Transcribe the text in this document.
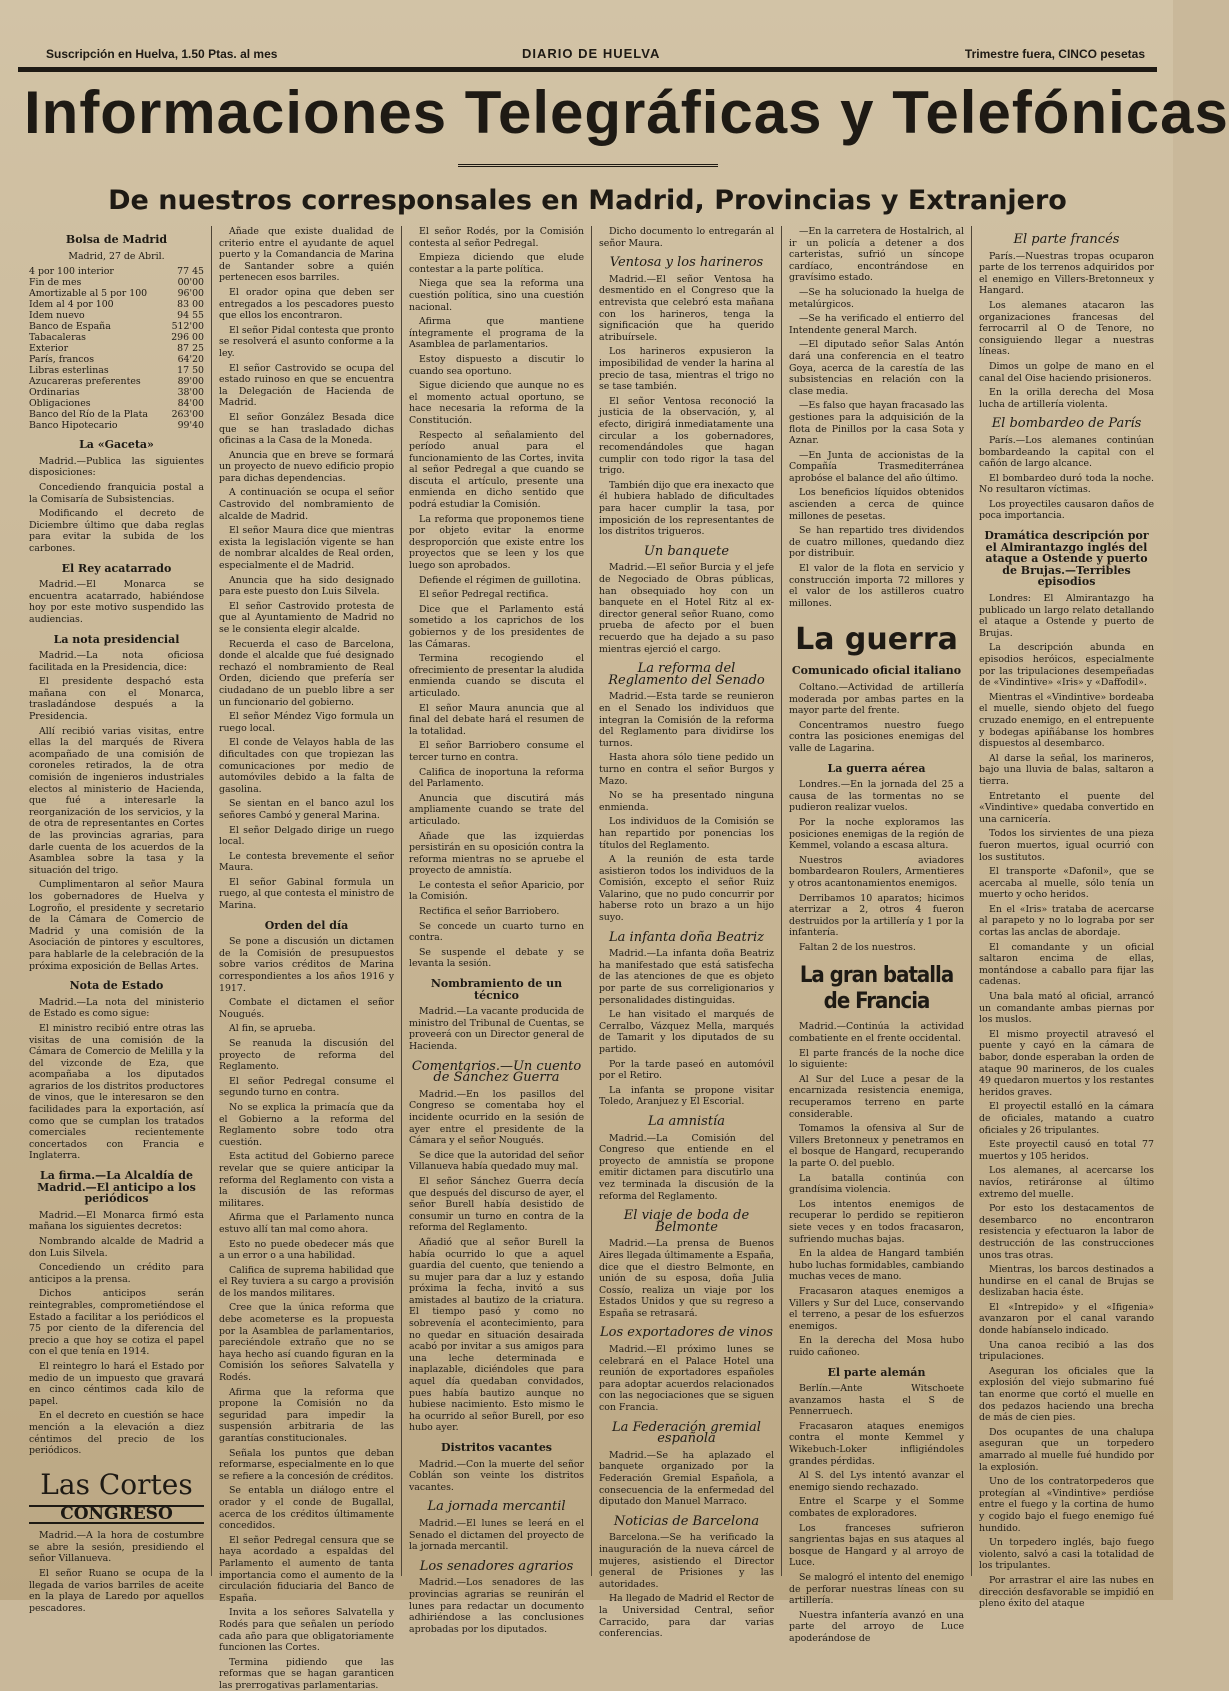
Suscripción en Huelva, 1.50 Ptas. al mes	DIARIO DE HUELVA	Trimestre fuera, CINCO pesetas
Informaciones Telegráficas y Telefónicas
De nuestros corresponsales en Madrid, Provincias y Extranjero
Bolsa de Madrid
Madrid, 27 de Abril.
4 por 100 interior	77 45
Fin de mes	00'00
Amortizable al 5 por 100	96'00
Idem al 4 por 100	83 00
Idem nuevo	94 55
Banco de España	512'00
Tabacaleras	296 00
Exterior	87 25
París, francos	64'20
Libras esterlinas	17 50
Azucareras preferentes	89'00
Ordinarias	38'00
Obligaciones	84'00
Banco del Río de la Plata	263'00
Banco Hipotecario	99'40
La «Gaceta»

Madrid.—Publica las siguientes disposiciones:

Concediendo franquicia postal a la Comisaría de Subsistencias.

Modificando el decreto de Diciembre último que daba reglas para evitar la subida de los carbones.

El Rey acatarrado

Madrid.—El Monarca se encuentra acatarrado, habiéndose hoy por este motivo suspendido las audiencias.

La nota presidencial

Madrid.—La nota oficiosa facilitada en la Presidencia, dice:

El presidente despachó esta mañana con el Monarca, trasladándose después a la Presidencia.

Allí recibió varias visitas, entre ellas la del marqués de Rivera acompañado de una comisión de coroneles retirados, la de otra comisión de ingenieros industriales electos al ministerio de Hacienda, que fué a interesarle la reorganización de los servicios, y la de otra de representantes en Cortes de las provincias agrarias, para darle cuenta de los acuerdos de la Asamblea sobre la tasa y la situación del trigo.

Cumplimentaron al señor Maura los gobernadores de Huelva y Logroño, el presidente y secretario de la Cámara de Comercio de Madrid y una comisión de la Asociación de pintores y escultores, para hablarle de la celebración de la próxima exposición de Bellas Artes.

Nota de Estado

Madrid.—La nota del ministerio de Estado es como sigue:

El ministro recibió entre otras las visitas de una comisión de la Cámara de Comercio de Melilla y la del vizconde de Eza, que acompañaba a los diputados agrarios de los distritos productores de vinos, que le interesaron se den facilidades para la exportación, así como que se cumplan los tratados comerciales recientemente concertados con Francia e Inglaterra.

La firma.—La Alcaldía de Madrid.—El anticipo a los periódicos

Madrid.—El Monarca firmó esta mañana los siguientes decretos:

Nombrando alcalde de Madrid a don Luis Silvela.

Concediendo un crédito para anticipos a la prensa.

Dichos anticipos serán reintegrables, comprometiéndose el Estado a facilitar a los periódicos el 75 por ciento de la diferencia del precio a que hoy se cotiza el papel con el que tenía en 1914.

El reintegro lo hará el Estado por medio de un impuesto que gravará en cinco céntimos cada kilo de papel.

En el decreto en cuestión se hace mención a la elevación a diez céntimos del precio de los periódicos.

Las Cortes
CONGRESO

Madrid.—A la hora de costumbre se abre la sesión, presidiendo el señor Villanueva.

El señor Ruano se ocupa de la llegada de varios barriles de aceite en la playa de Laredo por aquellos pescadores.

Añade que existe dualidad de criterio entre el ayudante de aquel puerto y la Comandancia de Marina de Santander sobre a quién pertenecen esos barriles.

El orador opina que deben ser entregados a los pescadores puesto que ellos los encontraron.

El señor Pidal contesta que pronto se resolverá el asunto conforme a la ley.

El señor Castrovido se ocupa del estado ruinoso en que se encuentra la Delegación de Hacienda de Madrid.

El señor González Besada dice que se han trasladado dichas oficinas a la Casa de la Moneda.

Anuncia que en breve se formará un proyecto de nuevo edificio propio para dichas dependencias.

A continuación se ocupa el señor Castrovido del nombramiento de alcalde de Madrid.

El señor Maura dice que mientras exista la legislación vigente se han de nombrar alcaldes de Real orden, especialmente el de Madrid.

Anuncia que ha sido designado para este puesto don Luis Silvela.

El señor Castrovido protesta de que al Ayuntamiento de Madrid no se le consienta elegir alcalde.

Recuerda el caso de Barcelona, donde el alcalde que fué designado rechazó el nombramiento de Real Orden, diciendo que prefería ser ciudadano de un pueblo libre a ser un funcionario del gobierno.

El señor Méndez Vigo formula un ruego local.

El conde de Velayos habla de las dificultades con que tropiezan las comunicaciones por medio de automóviles debido a la falta de gasolina.

Se sientan en el banco azul los señores Cambó y general Marina.

El señor Delgado dirige un ruego local.

Le contesta brevemente el señor Maura.

El señor Gabinal formula un ruego, al que contesta el ministro de Marina.

Orden del día

Se pone a discusión un dictamen de la Comisión de presupuestos sobre varios créditos de Marina correspondientes a los años 1916 y 1917.

Combate el dictamen el señor Nougués.

Al fin, se aprueba.

Se reanuda la discusión del proyecto de reforma del Reglamento.

El señor Pedregal consume el segundo turno en contra.

No se explica la primacía que da el Gobierno a la reforma del Reglamento sobre todo otra cuestión.

Esta actitud del Gobierno parece revelar que se quiere anticipar la reforma del Reglamento con vista a la discusión de las reformas militares.

Afirma que el Parlamento nunca estuvo allí tan mal como ahora.

Esto no puede obedecer más que a un error o a una habilidad.

Califica de suprema habilidad que el Rey tuviera a su cargo a provisión de los mandos militares.

Cree que la única reforma que debe acometerse es la propuesta por la Asamblea de parlamentarios, pareciéndole extraño que no se haya hecho así cuando figuran en la Comisión los señores Salvatella y Rodés.

Afirma que la reforma que propone la Comisión no da seguridad para impedir la suspensión arbitraria de las garantías constitucionales.

Señala los puntos que deban reformarse, especialmente en lo que se refiere a la concesión de créditos.

Se entabla un diálogo entre el orador y el conde de Bugallal, acerca de los créditos últimamente concedidos.

El señor Pedregal censura que se haya acordado a espaldas del Parlamento el aumento de tanta importancia como el aumento de la circulación fiduciaria del Banco de España.

Invita a los señores Salvatella y Rodés para que señalen un período cada año para que obligatoriamente funcionen las Cortes.

Termina pidiendo que las reformas que se hagan garanticen las prerrogativas parlamentarias.

El señor Rodés, por la Comisión contesta al señor Pedregal.

Empieza diciendo que elude contestar a la parte política.

Niega que sea la reforma una cuestión política, sino una cuestión nacional.

Afirma que mantiene íntegramente el programa de la Asamblea de parlamentarios.

Estoy dispuesto a discutir lo cuando sea oportuno.

Sigue diciendo que aunque no es el momento actual oportuno, se hace necesaria la reforma de la Constitución.

Respecto al señalamiento del período anual para el funcionamiento de las Cortes, invita al señor Pedregal a que cuando se discuta el artículo, presente una enmienda en dicho sentido que podrá estudiar la Comisión.

La reforma que proponemos tiene por objeto evitar la enorme desproporción que existe entre los proyectos que se leen y los que luego son aprobados.

Defiende el régimen de guillotina.

El señor Pedregal rectifica.

Dice que el Parlamento está sometido a los caprichos de los gobiernos y de los presidentes de las Cámaras.

Termina recogiendo el ofrecimiento de presentar la aludida enmienda cuando se discuta el articulado.

El señor Maura anuncia que al final del debate hará el resumen de la totalidad.

El señor Barriobero consume el tercer turno en contra.

Califica de inoportuna la reforma del Parlamento.

Anuncia que discutirá más ampliamente cuando se trate del articulado.

Añade que las izquierdas persistirán en su oposición contra la reforma mientras no se apruebe el proyecto de amnistía.

Le contesta el señor Aparicio, por la Comisión.

Rectifica el señor Barriobero.

Se concede un cuarto turno en contra.

Se suspende el debate y se levanta la sesión.

Nombramiento de un técnico

Madrid.—La vacante producida de ministro del Tribunal de Cuentas, se proveerá con un Director general de Hacienda.

Comentarios.—Un cuento de Sánchez Guerra

Madrid.—En los pasillos del Congreso se comentaba hoy el incidente ocurrido en la sesión de ayer entre el presidente de la Cámara y el señor Nougués.

Se dice que la autoridad del señor Villanueva había quedado muy mal.

El señor Sánchez Guerra decía que después del discurso de ayer, el señor Burell había desistido de consumir un turno en contra de la reforma del Reglamento.

Añadió que al señor Burell la había ocurrido lo que a aquel guardia del cuento, que teniendo a su mujer para dar a luz y estando próxima la fecha, invitó a sus amistades al bautizo de la criatura. El tiempo pasó y como no sobrevenía el acontecimiento, para no quedar en situación desairada acabó por invitar a sus amigos para una leche determinada e inaplazable, diciéndoles que para aquel día quedaban convidados, pues había bautizo aunque no hubiese nacimiento. Esto mismo le ha ocurrido al señor Burell, por eso hubo ayer.

Distritos vacantes

Madrid.—Con la muerte del señor Coblán son veinte los distritos vacantes.

La jornada mercantil

Madrid.—El lunes se leerá en el Senado el dictamen del proyecto de la jornada mercantil.

Los senadores agrarios

Madrid.—Los senadores de las provincias agrarias se reunirán el lunes para redactar un documento adhiriéndose a las conclusiones aprobadas por los diputados.

Dicho documento lo entregarán al señor Maura.

Ventosa y los harineros

Madrid.—El señor Ventosa ha desmentido en el Congreso que la entrevista que celebró esta mañana con los harineros, tenga la significación que ha querido atribuírsele.

Los harineros expusieron la imposibilidad de vender la harina al precio de tasa, mientras el trigo no se tase también.

El señor Ventosa reconoció la justicia de la observación, y, al efecto, dirigirá inmediatamente una circular a los gobernadores, recomendándoles que hagan cumplir con todo rigor la tasa del trigo.

También dijo que era inexacto que él hubiera hablado de dificultades para hacer cumplir la tasa, por imposición de los representantes de los distritos trigueros.

Un banquete

Madrid.—El señor Burcia y el jefe de Negociado de Obras públicas, han obsequiado hoy con un banquete en el Hotel Ritz al ex-director general señor Ruano, como prueba de afecto por el buen recuerdo que ha dejado a su paso mientras ejerció el cargo.

La reforma del Reglamento del Senado

Madrid.—Esta tarde se reunieron en el Senado los individuos que integran la Comisión de la reforma del Reglamento para dividirse los turnos.

Hasta ahora sólo tiene pedido un turno en contra el señor Burgos y Mazo.

No se ha presentado ninguna enmienda.

Los individuos de la Comisión se han repartido por ponencias los títulos del Reglamento.

A la reunión de esta tarde asistieron todos los individuos de la Comisión, excepto el señor Ruiz Valarino, que no pudo concurrir por haberse roto un brazo a un hijo suyo.

La infanta doña Beatriz

Madrid.—La infanta doña Beatriz ha manifestado que está satisfecha de las atenciones de que es objeto por parte de sus correligionarios y personalidades distinguidas.

Le han visitado el marqués de Cerralbo, Vázquez Mella, marqués de Tamarit y los diputados de su partido.

Por la tarde paseó en automóvil por el Retiro.

La infanta se propone visitar Toledo, Aranjuez y El Escorial.

La amnistía

Madrid.—La Comisión del Congreso que entiende en el proyecto de amnistía se propone emitir dictamen para discutirlo una vez terminada la discusión de la reforma del Reglamento.

El viaje de boda de Belmonte

Madrid.—La prensa de Buenos Aires llegada últimamente a España, dice que el diestro Belmonte, en unión de su esposa, doña Julia Cossío, realiza un viaje por los Estados Unidos y que su regreso a España se retrasará.

Los exportadores de vinos

Madrid.—El próximo lunes se celebrará en el Palace Hotel una reunión de exportadores españoles para adoptar acuerdos relacionados con las negociaciones que se siguen con Francia.

La Federación gremial española

Madrid.—Se ha aplazado el banquete organizado por la Federación Gremial Española, a consecuencia de la enfermedad del diputado don Manuel Marraco.

Noticias de Barcelona

Barcelona.—Se ha verificado la inauguración de la nueva cárcel de mujeres, asistiendo el Director general de Prisiones y las autoridades.

Ha llegado de Madrid el Rector de la Universidad Central, señor Carracido, para dar varias conferencias.

—En la carretera de Hostalrich, al ir un policía a detener a dos carteristas, sufrió un síncope cardíaco, encontrándose en gravísimo estado.

—Se ha solucionado la huelga de metalúrgicos.

—Se ha verificado el entierro del Intendente general March.

—El diputado señor Salas Antón dará una conferencia en el teatro Goya, acerca de la carestía de las subsistencias en relación con la clase media.

—Es falso que hayan fracasado las gestiones para la adquisición de la flota de Pinillos por la casa Sota y Aznar.

—En Junta de accionistas de la Compañía Trasmediterránea aprobóse el balance del año último.

Los beneficios líquidos obtenidos ascienden a cerca de quince millones de pesetas.

Se han repartido tres dividendos de cuatro millones, quedando diez por distribuir.

El valor de la flota en servicio y construcción importa 72 millores y el valor de los astilleros cuatro millones.

La guerra
Comunicado oficial italiano

Coltano.—Actividad de artillería moderada por ambas partes en la mayor parte del frente.

Concentramos nuestro fuego contra las posiciones enemigas del valle de Lagarina.

La guerra aérea

Londres.—En la jornada del 25 a causa de las tormentas no se pudieron realizar vuelos.

Por la noche exploramos las posiciones enemigas de la región de Kemmel, volando a escasa altura.

Nuestros aviadores bombardearon Roulers, Armentieres y otros acantonamientos enemigos.

Derribamos 10 aparatos; hicimos aterrizar a 2, otros 4 fueron destruidos por la artillería y 1 por la infantería.

Faltan 2 de los nuestros.

La gran batalla de Francia

Madrid.—Continúa la actividad combatiente en el frente occidental.

El parte francés de la noche dice lo siguiente:

Al Sur del Luce a pesar de la encarnizada resistencia enemiga, recuperamos terreno en parte considerable.

Tomamos la ofensiva al Sur de Villers Bretonneux y penetramos en el bosque de Hangard, recuperando la parte O. del pueblo.

La batalla continúa con grandísima violencia.

Los intentos enemigos de recuperar lo perdido se repitieron siete veces y en todos fracasaron, sufriendo muchas bajas.

En la aldea de Hangard también hubo luchas formidables, cambiando muchas veces de mano.

Fracasaron ataques enemigos a Villers y Sur del Luce, conservando el terreno, a pesar de los esfuerzos enemigos.

En la derecha del Mosa hubo ruido cañoneo.

El parte alemán

Berlín.—Ante Witschoete avanzamos hasta el S de Pennerruech.

Fracasaron ataques enemigos contra el monte Kemmel y Wikebuch-Loker infligiéndoles grandes pérdidas.

Al S. del Lys intentó avanzar el enemigo siendo rechazado.

Entre el Scarpe y el Somme combates de exploradores.

Los franceses sufrieron sangrientas bajas en sus ataques al bosque de Hangard y al arroyo de Luce.

Se malogró el intento del enemigo de perforar nuestras líneas con su artillería.

Nuestra infantería avanzó en una parte del arroyo de Luce apoderándose de

El parte francés

París.—Nuestras tropas ocuparon parte de los terrenos adquiridos por el enemigo en Villers-Bretonneux y Hangard.

Los alemanes atacaron las organizaciones francesas del ferrocarril al O de Tenore, no consiguiendo llegar a nuestras líneas.

Dimos un golpe de mano en el canal del Oise haciendo prisioneros.

En la orilla derecha del Mosa lucha de artillería violenta.

El bombardeo de París

París.—Los alemanes continúan bombardeando la capital con el cañón de largo alcance.

El bombardeo duró toda la noche. No resultaron víctimas.

Los proyectiles causaron daños de poca importancia.

Dramática descripción por el Almirantazgo inglés del ataque a Ostende y puerto de Brujas.—Terribles episodios

Londres: El Almirantazgo ha publicado un largo relato detallando el ataque a Ostende y puerto de Brujas.

La descripción abunda en episodios heróicos, especialmente por las tripulaciones desempeñadas de «Vindintive» «Iris» y «Daffodil».

Mientras el «Vindintive» bordeaba el muelle, siendo objeto del fuego cruzado enemigo, en el entrepuente y bodegas apiñábanse los hombres dispuestos al desembarco.

Al darse la señal, los marineros, bajo una lluvia de balas, saltaron a tierra.

Entretanto el puente del «Vindintive» quedaba convertido en una carnicería.

Todos los sirvientes de una pieza fueron muertos, igual ocurrió con los sustitutos.

El transporte «Dafonil», que se acercaba al muelle, sólo tenía un muerto y ocho heridos.

En el «Iris» trataba de acercarse al parapeto y no lo lograba por ser cortas las anclas de abordaje.

El comandante y un oficial saltaron encima de ellas, montándose a caballo para fijar las cadenas.

Una bala mató al oficial, arrancó un comandante ambas piernas por los muslos.

El mismo proyectil atravesó el puente y cayó en la cámara de babor, donde esperaban la orden de ataque 90 marineros, de los cuales 49 quedaron muertos y los restantes heridos graves.

El proyectil estalló en la cámara de oficiales, matando a cuatro oficiales y 26 tripulantes.

Este proyectil causó en total 77 muertos y 105 heridos.

Los alemanes, al acercarse los navíos, retiráronse al último extremo del muelle.

Por esto los destacamentos de desembarco no encontraron resistencia y efectuaron la labor de destrucción de las construcciones unos tras otras.

Mientras, los barcos destinados a hundirse en el canal de Brujas se deslizaban hacia éste.

El «Intrepido» y el «Ifigenia» avanzaron por el canal varando donde habíanselo indicado.

Una canoa recibió a las dos tripulaciones.

Aseguran los oficiales que la explosión del viejo submarino fué tan enorme que cortó el muelle en dos pedazos haciendo una brecha de más de cien pies.

Dos ocupantes de una chalupa aseguran que un torpedero amarrado al muelle fué hundido por la explosión.

Uno de los contratorpederos que protegían al «Vindintive» perdióse entre el fuego y la cortina de humo y cogido bajo el fuego enemigo fué hundido.

Un torpedero inglés, bajo fuego violento, salvó a casi la totalidad de los tripulantes.

Por arrastrar el aire las nubes en dirección desfavorable se impidió en pleno éxito del ataque
